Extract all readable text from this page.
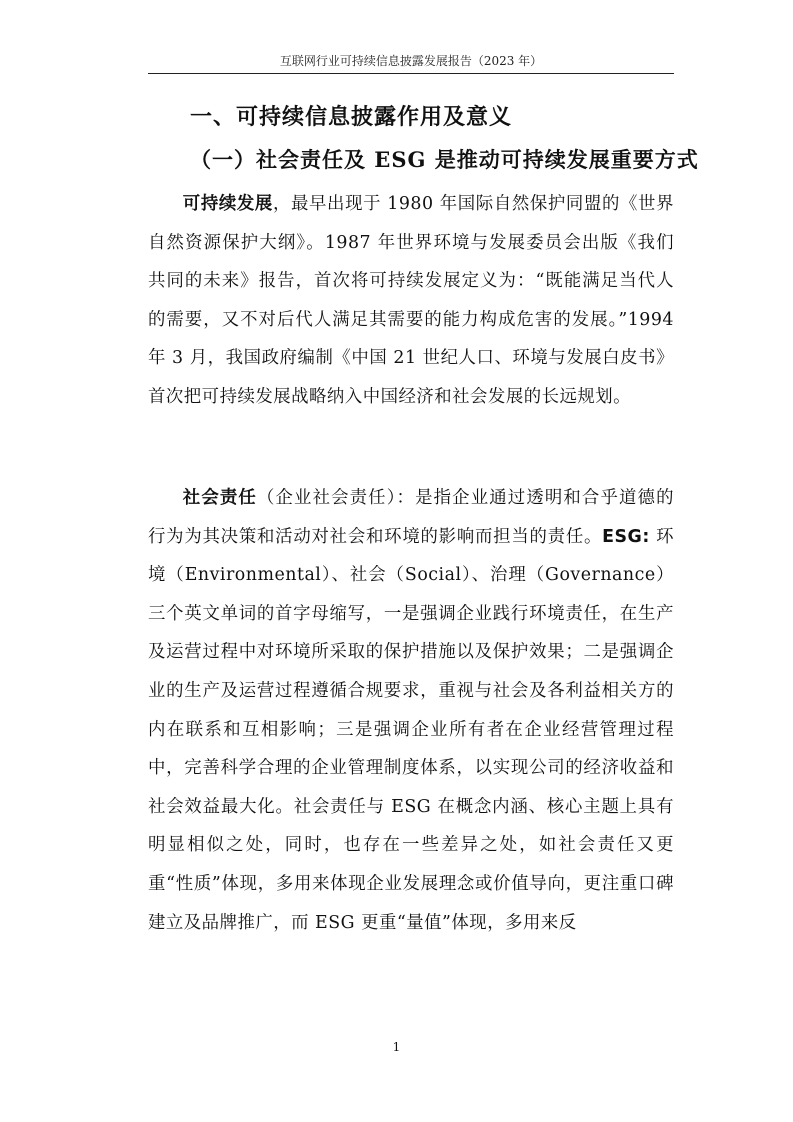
互联网行业可持续信息披露发展报告（2023 年）
一、可持续信息披露作用及意义
（一）社会责任及 ESG 是推动可持续发展重要方式
可持续发展，最早出现于 1980 年国际自然保护同盟的《世界自然资源保护大纲》。1987 年世界环境与发展委员会出版《我们共同的未来》报告，首次将可持续发展定义为：“既能满足当代人的需要，又不对后代人满足其需要的能力构成危害的发展。”1994 年 3 月，我国政府编制《中国 21 世纪人口、环境与发展白皮书》首次把可持续发展战略纳入中国经济和社会发展的长远规划。
社会责任（企业社会责任）：是指企业通过透明和合乎道德的行为为其决策和活动对社会和环境的影响而担当的责任。ESG: 环境（Environmental）、社会（Social）、治理（Governance）三个英文单词的首字母缩写，一是强调企业践行环境责任，在生产及运营过程中对环境所采取的保护措施以及保护效果；二是强调企业的生产及运营过程遵循合规要求，重视与社会及各利益相关方的内在联系和互相影响；三是强调企业所有者在企业经营管理过程中，完善科学合理的企业管理制度体系，以实现公司的经济收益和社会效益最大化。社会责任与 ESG 在概念内涵、核心主题上具有明显相似之处，同时，也存在一些差异之处，如社会责任又更重“性质”体现，多用来体现企业发展理念或价值导向，更注重口碑建立及品牌推广，而 ESG 更重“量值”体现，多用来反
1
